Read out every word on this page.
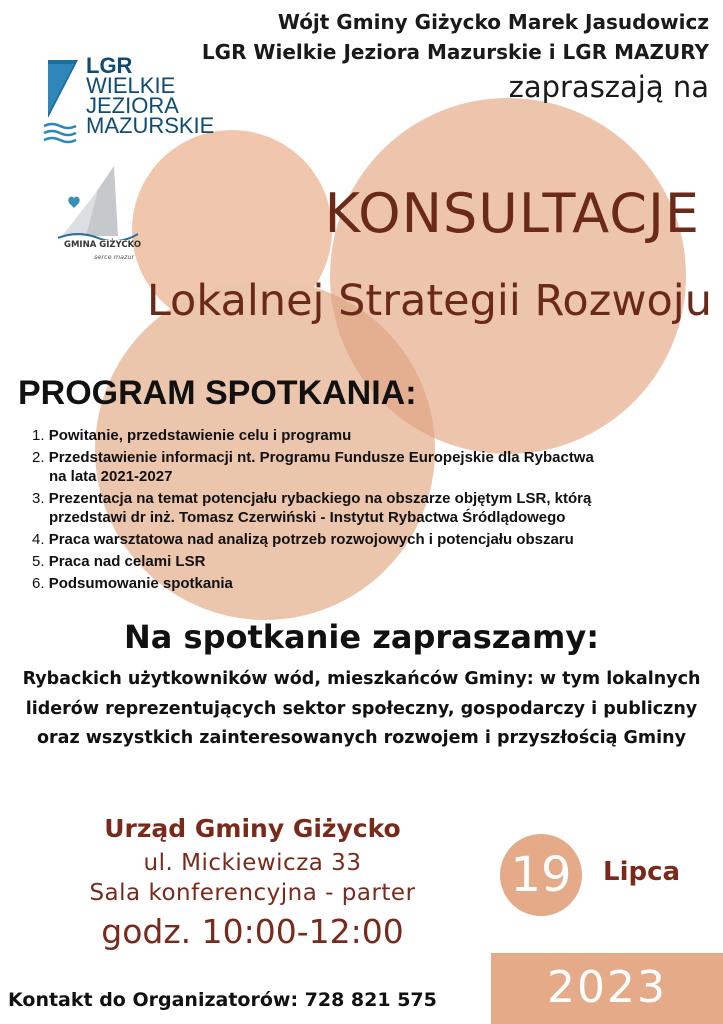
Wójt Gminy Giżycko Marek Jasudowicz
LGR Wielkie Jeziora Mazurskie i LGR MAZURY
zapraszają na
LGR
WIELKIE
JEZIORA
MAZURSKIE
GMINA GIŻYCKO
serce mazur
KONSULTACJE
Lokalnej Strategii Rozwoju
PROGRAM SPOTKANIA:
1. Powitanie, przedstawienie celu i programu
2. Przedstawienie informacji nt. Programu Fundusze Europejskie dla Rybactwa
na lata 2021-2027
3. Prezentacja na temat potencjału rybackiego na obszarze objętym LSR, którą
przedstawi dr inż. Tomasz Czerwiński - Instytut Rybactwa Śródlądowego
4. Praca warsztatowa nad analizą potrzeb rozwojowych i potencjału obszaru
5. Praca nad celami LSR
6. Podsumowanie spotkania
Na spotkanie zapraszamy:
Rybackich użytkowników wód, mieszkańców Gminy: w tym lokalnych liderów reprezentujących sektor społeczny, gospodarczy i publiczny oraz wszystkich zainteresowanych rozwojem i przyszłością Gminy
Urząd Gminy Giżycko
ul. Mickiewicza 33
Sala konferencyjna - parter
godz. 10:00-12:00
19	Lipca
2023
Kontakt do Organizatorów: 728 821 575
